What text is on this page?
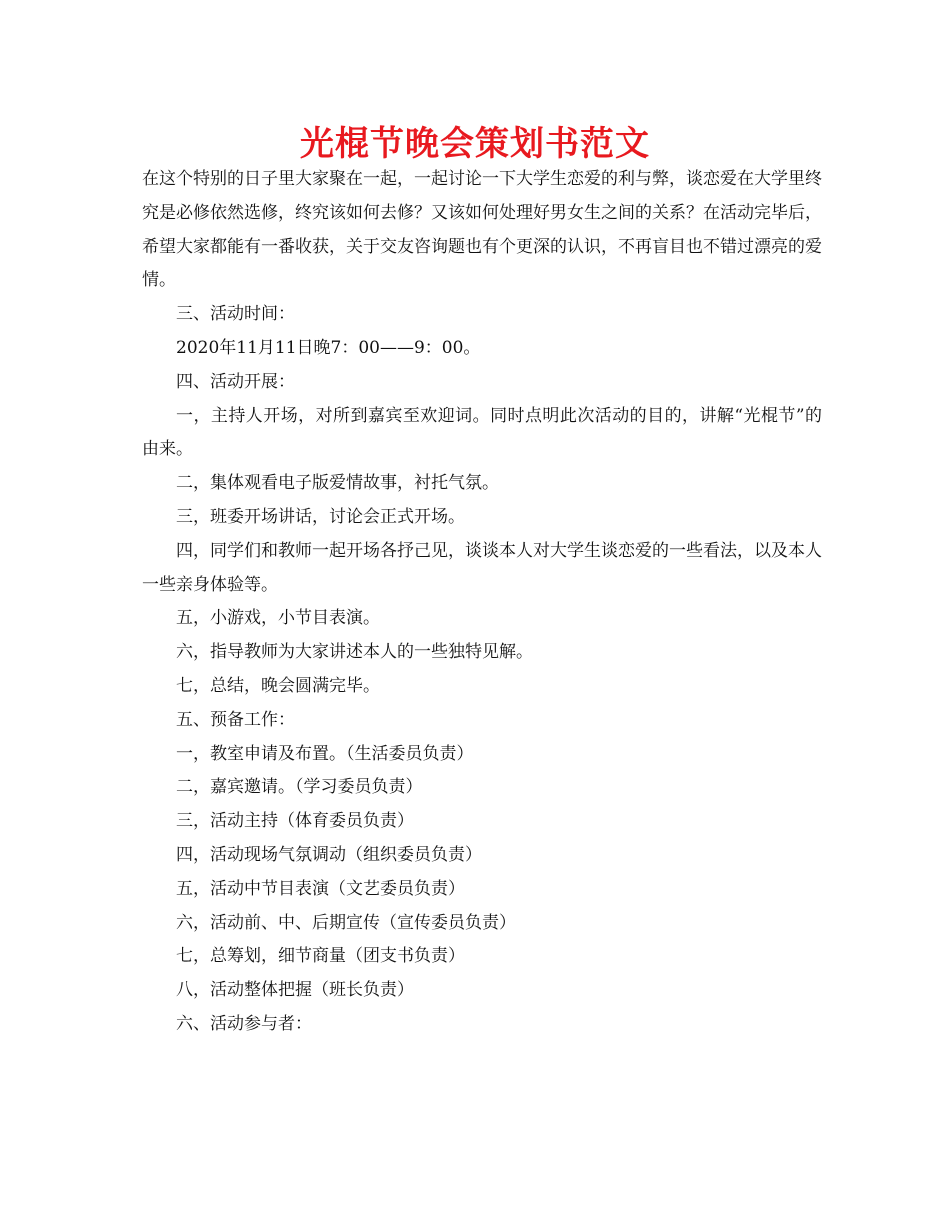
光棍节晚会策划书范文

在这个特别的日子里大家聚在一起，一起讨论一下大学生恋爱的利与弊，谈恋爱在大学里终究是必修依然选修，终究该如何去修？又该如何处理好男女生之间的关系？在活动完毕后，希望大家都能有一番收获，关于交友咨询题也有个更深的认识，不再盲目也不错过漂亮的爱情。

三、活动时间：

2020年11月11日晚7：00——9：00。

四、活动开展：

一，主持人开场，对所到嘉宾至欢迎词。同时点明此次活动的目的，讲解“光棍节”的由来。

二，集体观看电子版爱情故事，衬托气氛。

三，班委开场讲话，讨论会正式开场。

四，同学们和教师一起开场各抒己见，谈谈本人对大学生谈恋爱的一些看法，以及本人一些亲身体验等。

五，小游戏，小节目表演。

六，指导教师为大家讲述本人的一些独特见解。

七，总结，晚会圆满完毕。

五、预备工作：

一，教室申请及布置。（生活委员负责）

二，嘉宾邀请。（学习委员负责）

三，活动主持（体育委员负责）

四，活动现场气氛调动（组织委员负责）

五，活动中节目表演（文艺委员负责）

六，活动前、中、后期宣传（宣传委员负责）

七，总筹划，细节商量（团支书负责）

八，活动整体把握（班长负责）

六、活动参与者：
